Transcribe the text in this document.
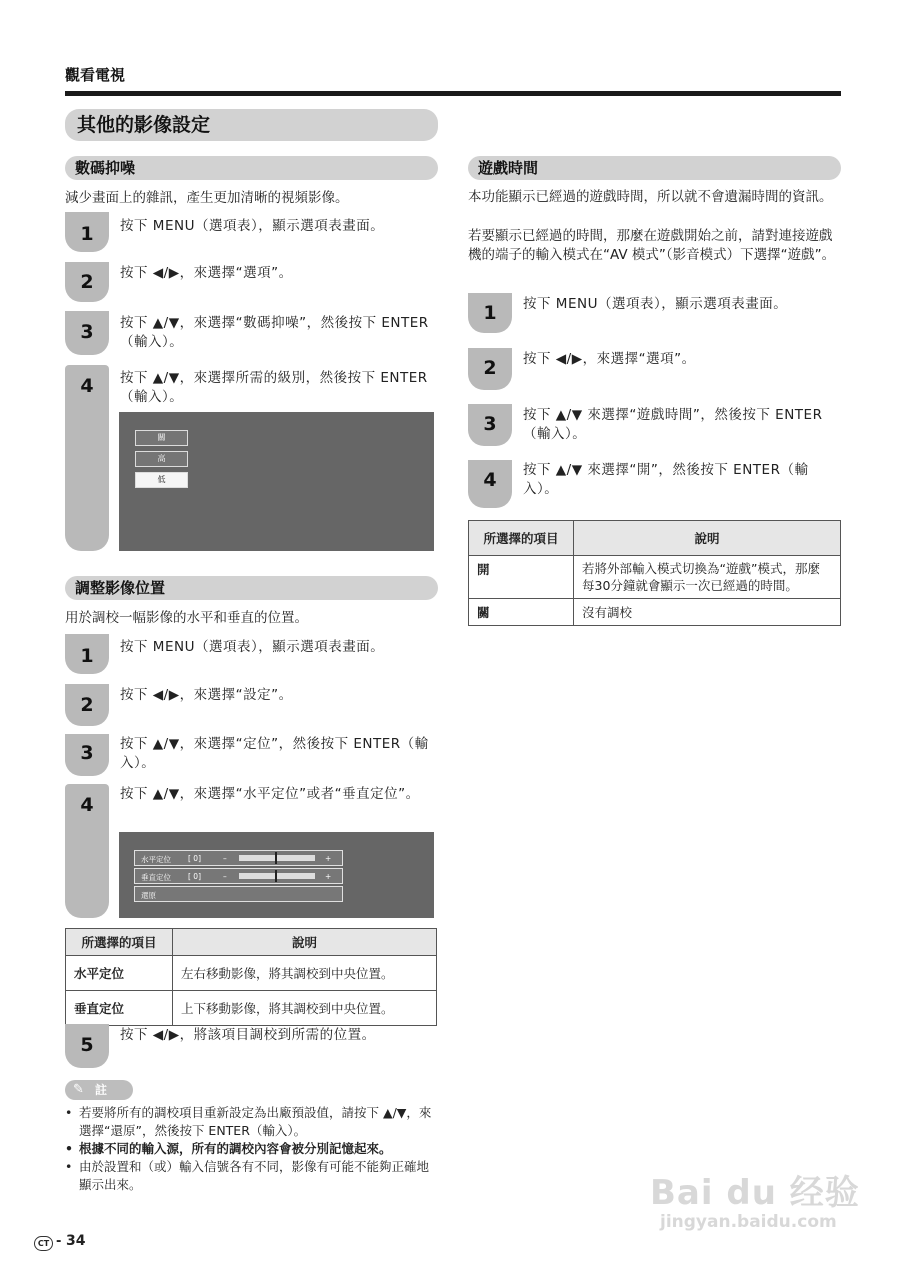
觀看電視
其他的影像設定
數碼抑噪
減少畫面上的雜訊，產生更加清晰的視頻影像。
1	按下 MENU（選項表），顯示選項表畫面。
2	按下 ◀/▶，來選擇“選項”。
3	按下 ▲/▼，來選擇“數碼抑噪”，然後按下 ENTER（輸入）。
4	按下 ▲/▼，來選擇所需的級別，然後按下 ENTER（輸入）。
關
高
低
調整影像位置
用於調校一幅影像的水平和垂直的位置。
1	按下 MENU（選項表），顯示選項表畫面。
2	按下 ◀/▶，來選擇“設定”。
3	按下 ▲/▼，來選擇“定位”，然後按下 ENTER（輸入）。
4	按下 ▲/▼，來選擇“水平定位”或者“垂直定位”。
水平定位 [ 0]	–	+
垂直定位 [ 0]	–	+
還原
所選擇的項目	說明
水平定位	左右移動影像，將其調校到中央位置。
垂直定位	上下移動影像，將其調校到中央位置。
5	按下 ◀/▶，將該項目調校到所需的位置。
✎ 註
• 若要將所有的調校項目重新設定為出廠預設值，請按下 ▲/▼，來選擇“還原”，然後按下 ENTER（輸入）。
• 根據不同的輸入源，所有的調校內容會被分別記憶起來。
• 由於設置和（或）輸入信號各有不同，影像有可能不能夠正確地顯示出來。
CT - 34
遊戲時間
本功能顯示已經過的遊戲時間，所以就不會遺漏時間的資訊。
若要顯示已經過的時間，那麼在遊戲開始之前，請對連接遊戲機的端子的輸入模式在“AV 模式”（影音模式）下選擇“遊戲”。
1	按下 MENU（選項表），顯示選項表畫面。
2	按下 ◀/▶，來選擇“選項”。
3	按下 ▲/▼ 來選擇“遊戲時間”，然後按下 ENTER（輸入）。
4	按下 ▲/▼ 來選擇“開”，然後按下 ENTER（輸入）。
所選擇的項目	說明
開	若將外部輸入模式切換為“遊戲”模式，那麼每30分鐘就會顯示一次已經過的時間。
關	沒有調校
Bai du 经验
jingyan.baidu.com
